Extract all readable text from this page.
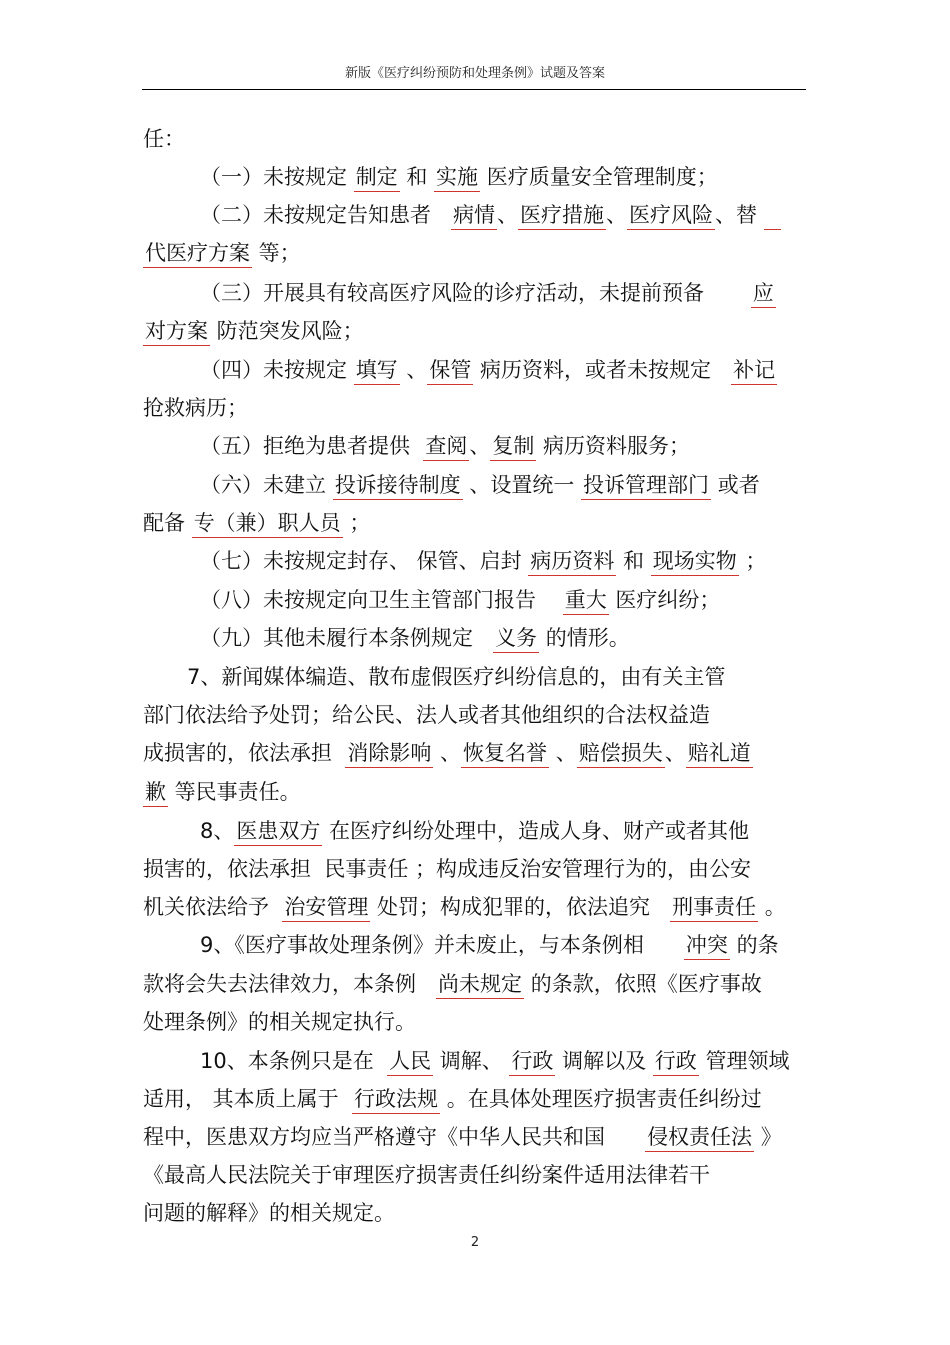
新版《医疗纠纷预防和处理条例》试题及答案
任：
（一）未按规定 制定 和 实施 医疗质量安全管理制度；
（二）未按规定告知患者   病情、医疗措施、医疗风险、替
代医疗方案 等；
（三）开展具有较高医疗风险的诊疗活动，未提前预备       应
对方案 防范突发风险；
（四）未按规定 填写 、保管 病历资料，或者未按规定   补记
抢救病历；
（五）拒绝为患者提供  查阅、复制 病历资料服务；
（六）未建立 投诉接待制度 、设置统一 投诉管理部门 或者
配备 专（兼）职人员 ；
（七）未按规定封存、 保管、启封 病历资料 和 现场实物 ；
（八）未按规定向卫生主管部门报告    重大 医疗纠纷；
（九）其他未履行本条例规定   义务 的情形。
7、新闻媒体编造、散布虚假医疗纠纷信息的，由有关主管
部门依法给予处罚；给公民、法人或者其他组织的合法权益造
成损害的，依法承担  消除影响 、恢复名誉 、赔偿损失、赔礼道
歉 等民事责任。
8、医患双方 在医疗纠纷处理中，造成人身、财产或者其他
损害的，依法承担  民事责任 ；构成违反治安管理行为的，由公安
机关依法给予  治安管理 处罚；构成犯罪的，依法追究   刑事责任 。
9、《医疗事故处理条例》并未废止，与本条例相      冲突 的条
款将会失去法律效力，本条例   尚未规定 的条款，依照《医疗事故
处理条例》的相关规定执行。
10、本条例只是在  人民 调解、 行政 调解以及 行政 管理领域
适用， 其本质上属于  行政法规 。在具体处理医疗损害责任纠纷过
程中，医患双方均应当严格遵守《中华人民共和国      侵权责任法 》
《最高人民法院关于审理医疗损害责任纠纷案件适用法律若干
问题的解释》的相关规定。
2
